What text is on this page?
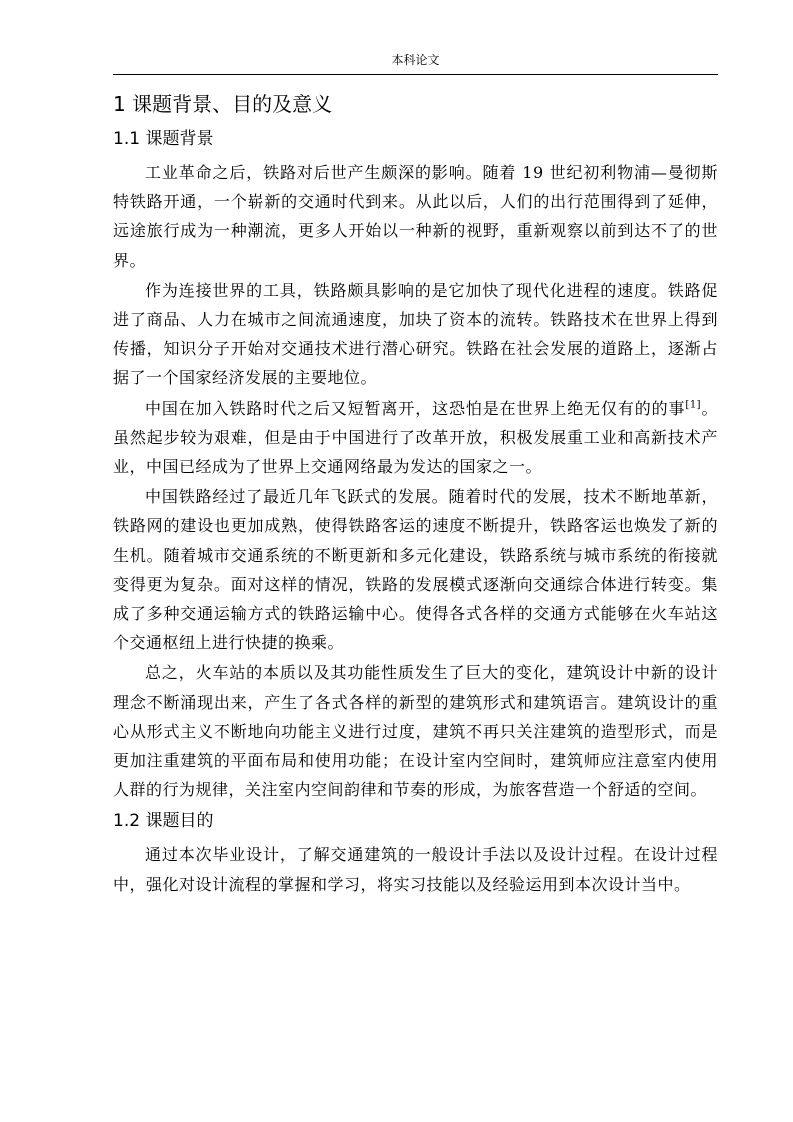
本科论文
1 课题背景、目的及意义
1.1 课题背景

工业革命之后，铁路对后世产生颇深的影响。随着 19 世纪初利物浦—曼彻斯特铁路开通，一个崭新的交通时代到来。从此以后，人们的出行范围得到了延伸，远途旅行成为一种潮流，更多人开始以一种新的视野，重新观察以前到达不了的世界。

作为连接世界的工具，铁路颇具影响的是它加快了现代化进程的速度。铁路促进了商品、人力在城市之间流通速度，加块了资本的流转。铁路技术在世界上得到传播，知识分子开始对交通技术进行潜心研究。铁路在社会发展的道路上，逐渐占据了一个国家经济发展的主要地位。

中国在加入铁路时代之后又短暂离开，这恐怕是在世界上绝无仅有的的事[1]。虽然起步较为艰难，但是由于中国进行了改革开放，积极发展重工业和高新技术产业，中国已经成为了世界上交通网络最为发达的国家之一。

中国铁路经过了最近几年飞跃式的发展。随着时代的发展，技术不断地革新，铁路网的建设也更加成熟，使得铁路客运的速度不断提升，铁路客运也焕发了新的生机。随着城市交通系统的不断更新和多元化建设，铁路系统与城市系统的衔接就变得更为复杂。面对这样的情况，铁路的发展模式逐渐向交通综合体进行转变。集成了多种交通运输方式的铁路运输中心。使得各式各样的交通方式能够在火车站这个交通枢纽上进行快捷的换乘。

总之，火车站的本质以及其功能性质发生了巨大的变化，建筑设计中新的设计理念不断涌现出来，产生了各式各样的新型的建筑形式和建筑语言。建筑设计的重心从形式主义不断地向功能主义进行过度，建筑不再只关注建筑的造型形式，而是更加注重建筑的平面布局和使用功能；在设计室内空间时，建筑师应注意室内使用人群的行为规律，关注室内空间韵律和节奏的形成，为旅客营造一个舒适的空间。

1.2 课题目的

通过本次毕业设计，了解交通建筑的一般设计手法以及设计过程。在设计过程中，强化对设计流程的掌握和学习，将实习技能以及经验运用到本次设计当中。
